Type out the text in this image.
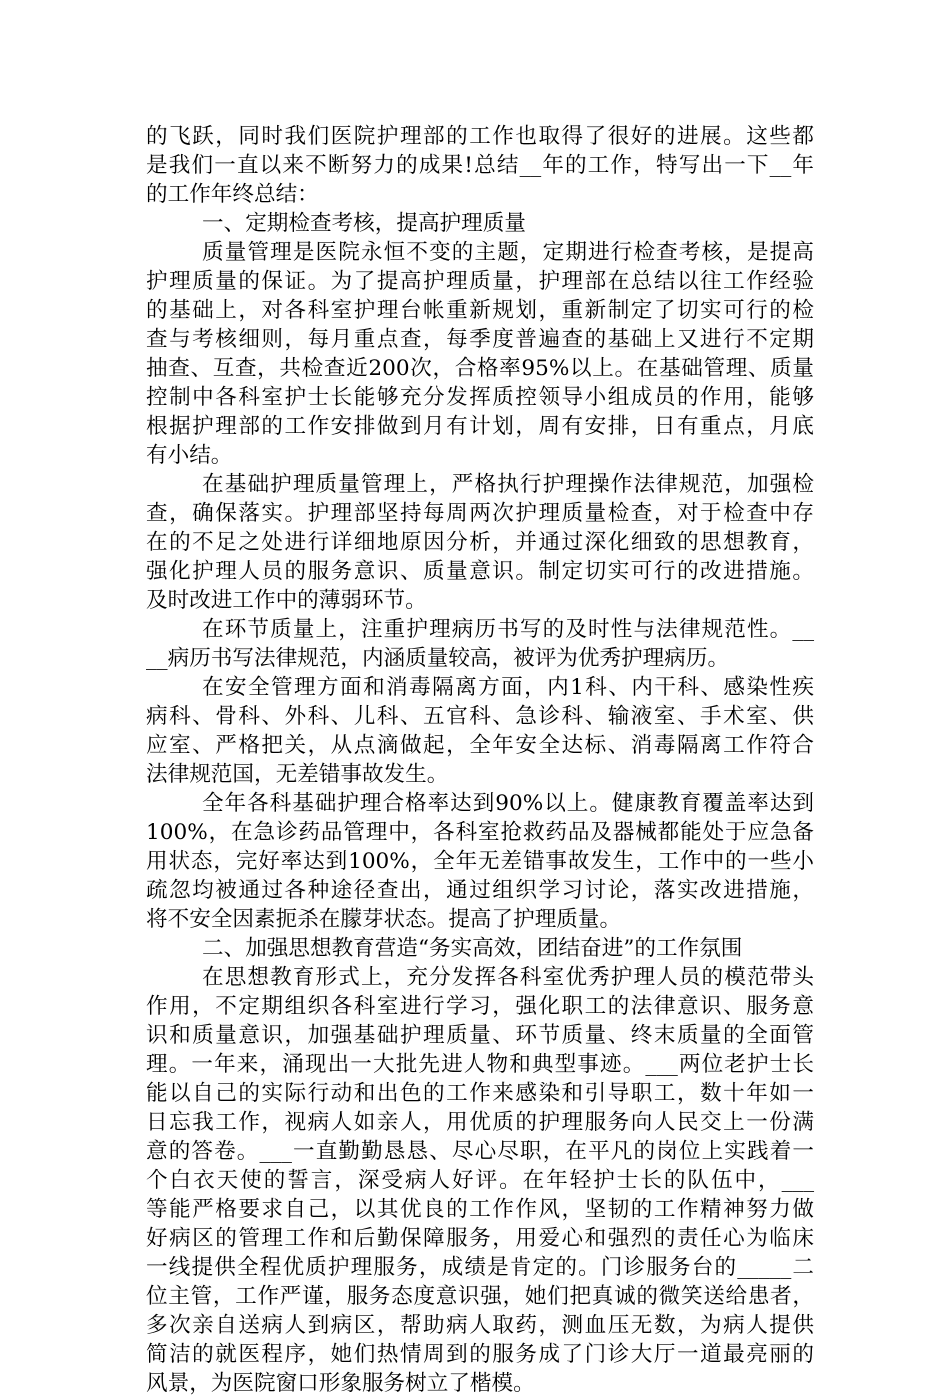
的飞跃，同时我们医院护理部的工作也取得了很好的进展。这些都
是我们一直以来不断努力的成果!总结__年的工作，特写出一下__年
的工作年终总结：
一、定期检查考核，提高护理质量
质量管理是医院永恒不变的主题，定期进行检查考核，是提高
护理质量的保证。为了提高护理质量，护理部在总结以往工作经验
的基础上，对各科室护理台帐重新规划，重新制定了切实可行的检
查与考核细则，每月重点查，每季度普遍查的基础上又进行不定期
抽查、互查，共检查近200次，合格率95%以上。在基础管理、质量
控制中各科室护士长能够充分发挥质控领导小组成员的作用，能够
根据护理部的工作安排做到月有计划，周有安排，日有重点，月底
有小结。
在基础护理质量管理上，严格执行护理操作法律规范，加强检
查，确保落实。护理部坚持每周两次护理质量检查，对于检查中存
在的不足之处进行详细地原因分析，并通过深化细致的思想教育，
强化护理人员的服务意识、质量意识。制定切实可行的改进措施。
及时改进工作中的薄弱环节。
在环节质量上，注重护理病历书写的及时性与法律规范性。__
__病历书写法律规范，内涵质量较高，被评为优秀护理病历。
在安全管理方面和消毒隔离方面，内1科、内干科、感染性疾
病科、骨科、外科、儿科、五官科、急诊科、输液室、手术室、供
应室、严格把关，从点滴做起，全年安全达标、消毒隔离工作符合
法律规范国，无差错事故发生。
全年各科基础护理合格率达到90%以上。健康教育覆盖率达到
100%，在急诊药品管理中，各科室抢救药品及器械都能处于应急备
用状态，完好率达到100%，全年无差错事故发生，工作中的一些小
疏忽均被通过各种途径查出，通过组织学习讨论，落实改进措施，
将不安全因素扼杀在朦芽状态。提高了护理质量。
二、加强思想教育营造“务实高效，团结奋进”的工作氛围
在思想教育形式上，充分发挥各科室优秀护理人员的模范带头
作用，不定期组织各科室进行学习，强化职工的法律意识、服务意
识和质量意识，加强基础护理质量、环节质量、终末质量的全面管
理。一年来，涌现出一大批先进人物和典型事迹。___两位老护士长
能以自己的实际行动和出色的工作来感染和引导职工，数十年如一
日忘我工作，视病人如亲人，用优质的护理服务向人民交上一份满
意的答卷。___一直勤勤恳恳、尽心尽职，在平凡的岗位上实践着一
个白衣天使的誓言，深受病人好评。在年轻护士长的队伍中，___
等能严格要求自己，以其优良的工作作风，坚韧的工作精神努力做
好病区的管理工作和后勤保障服务，用爱心和强烈的责任心为临床
一线提供全程优质护理服务，成绩是肯定的。门诊服务台的_____二
位主管，工作严谨，服务态度意识强，她们把真诚的微笑送给患者，
多次亲自送病人到病区，帮助病人取药，测血压无数，为病人提供
简洁的就医程序，她们热情周到的服务成了门诊大厅一道最亮丽的
风景，为医院窗口形象服务树立了楷模。
